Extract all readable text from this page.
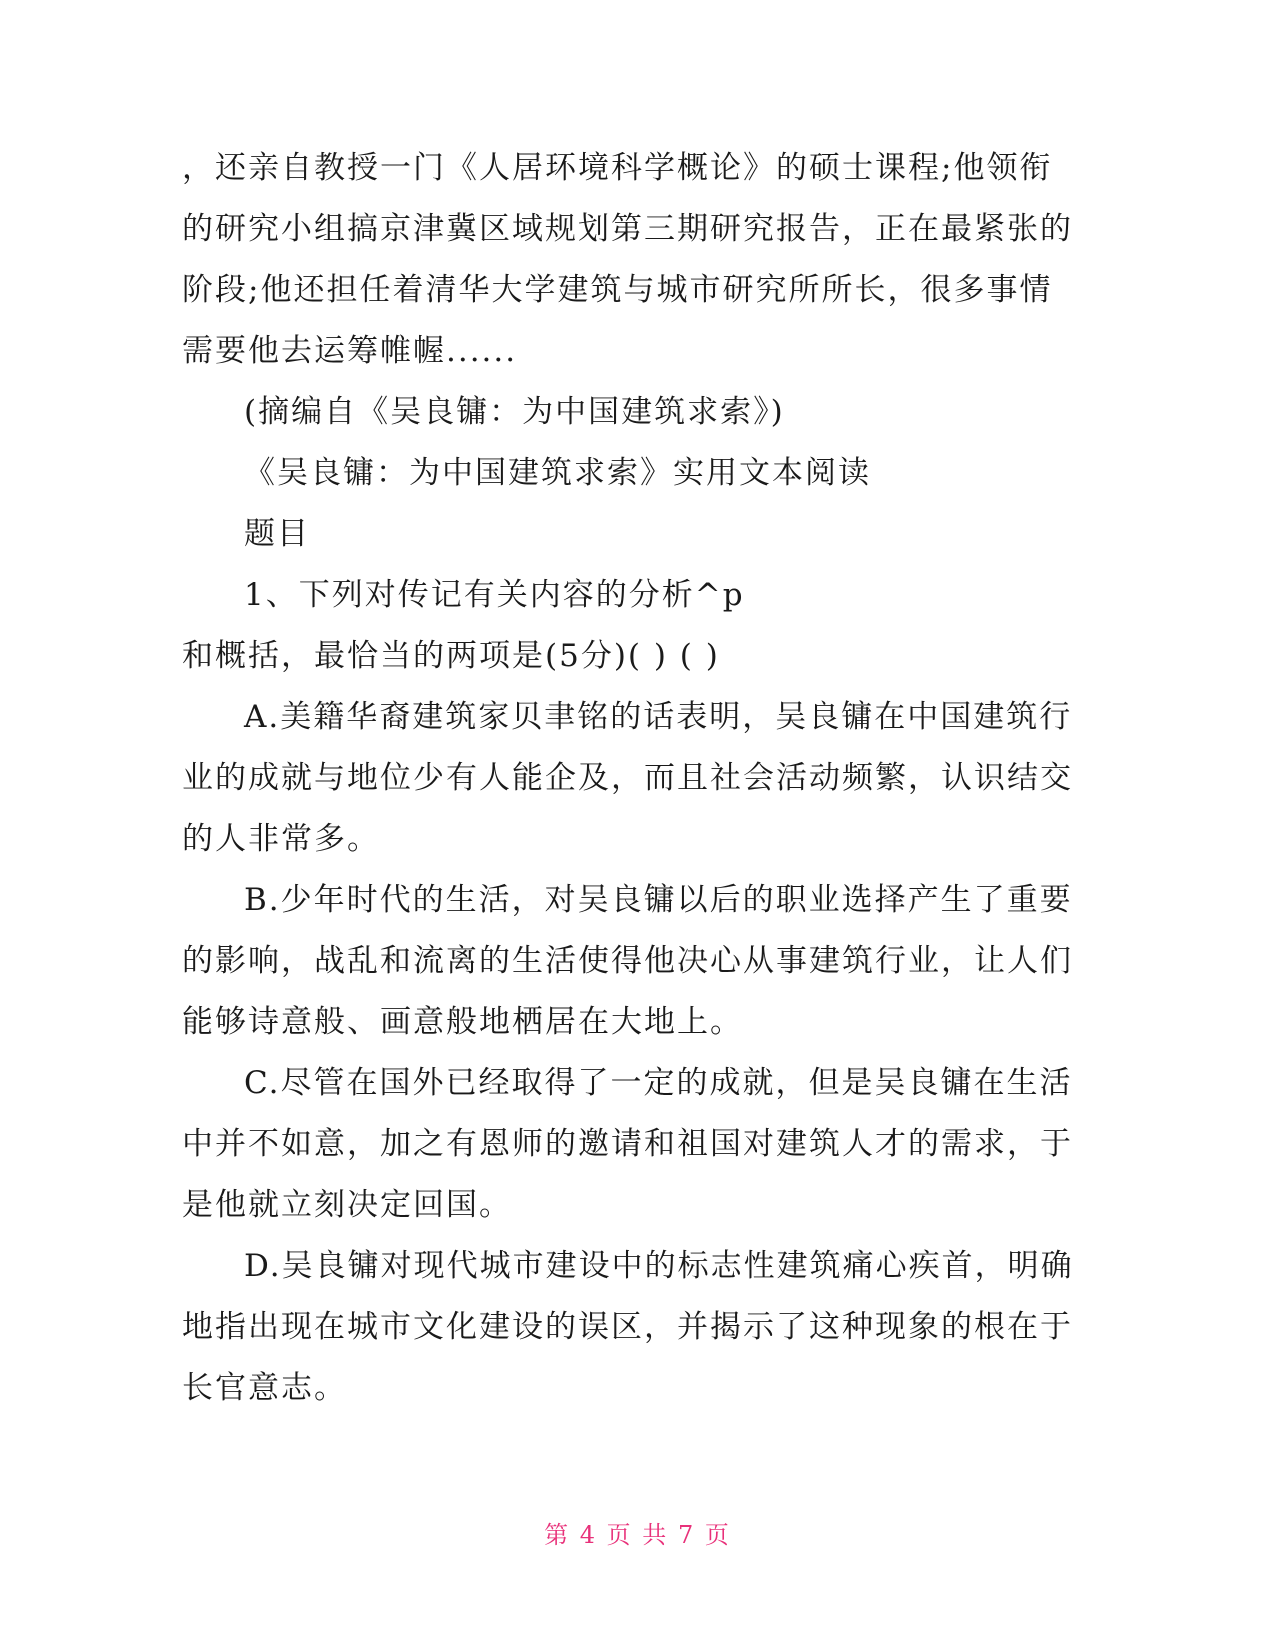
，还亲自教授一门《人居环境科学概论》的硕士课程;他领衔
的研究小组搞京津冀区域规划第三期研究报告，正在最紧张的
阶段;他还担任着清华大学建筑与城市研究所所长，很多事情
需要他去运筹帷幄......
(摘编自《吴良镛：为中国建筑求索》)
《吴良镛：为中国建筑求索》实用文本阅读
题目
1、下列对传记有关内容的分析^p
和概括，最恰当的两项是(5分)( ) ( )
A.美籍华裔建筑家贝聿铭的话表明，吴良镛在中国建筑行
业的成就与地位少有人能企及，而且社会活动频繁，认识结交
的人非常多。
B.少年时代的生活，对吴良镛以后的职业选择产生了重要
的影响，战乱和流离的生活使得他决心从事建筑行业，让人们
能够诗意般、画意般地栖居在大地上。
C.尽管在国外已经取得了一定的成就，但是吴良镛在生活
中并不如意，加之有恩师的邀请和祖国对建筑人才的需求，于
是他就立刻决定回国。
D.吴良镛对现代城市建设中的标志性建筑痛心疾首，明确
地指出现在城市文化建设的误区，并揭示了这种现象的根在于
长官意志。
第 4 页 共 7 页
